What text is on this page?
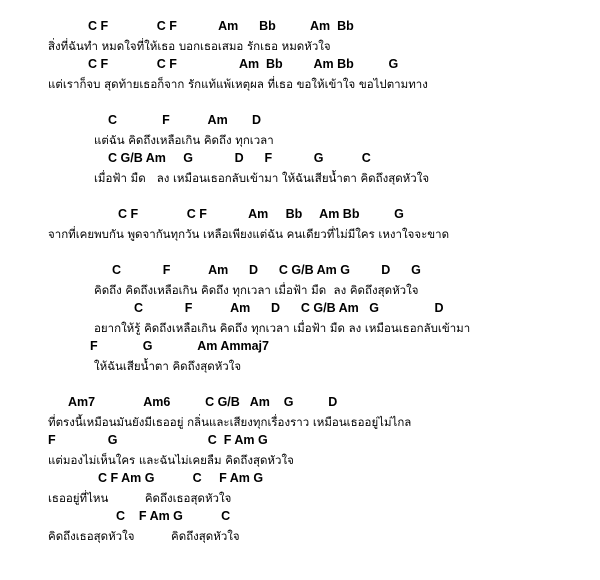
C F              C F            Am      Bb          Am  Bb
สิ่งที่ฉันทำ หมดใจที่ให้เธอ บอกเธอเสมอ รักเธอ หมดหัวใจ
C F              C F                  Am  Bb         Am Bb          G
แต่เราก็จบ สุดท้ายเธอก็จาก รักแท้แพ้เหตุผล ที่เธอ ขอให้เข้าใจ ขอไปตามทาง
C             F           Am       D
แต่ฉัน คิดถึงเหลือเกิน คิดถึง ทุกเวลา
C G/B Am     G            D      F            G           C
เมื่อฟ้า มืด   ลง เหมือนเธอกลับเข้ามา ให้ฉันเสียน้ำตา คิดถึงสุดหัวใจ
C F              C F            Am     Bb     Am Bb          G
จากที่เคยพบกัน พูดจากันทุกวัน เหลือเพียงแต่ฉัน คนเดียวที่ไม่มีใคร เหงาใจจะขาด
C            F           Am      D      C G/B Am G         D      G
คิดถึง คิดถึงเหลือเกิน คิดถึง ทุกเวลา เมื่อฟ้า มืด  ลง คิดถึงสุดหัวใจ
C            F           Am      D      C G/B Am   G                D
อยากให้รู้ คิดถึงเหลือเกิน คิดถึง ทุกเวลา เมื่อฟ้า มืด ลง เหมือนเธอกลับเข้ามา
F             G             Am Ammaj7
ให้ฉันเสียน้ำตา คิดถึงสุดหัวใจ
Am7              Am6          C G/B   Am    G          D
ที่ตรงนี้เหมือนมันยังมีเธออยู่ กลิ่นและเสียงทุกเรื่องราว เหมือนเธออยู่ไม่ไกล
F               G                          C  F Am G
แต่มองไม่เห็นใคร และฉันไม่เคยลืม คิดถึงสุดหัวใจ
C F Am G           C     F Am G
เธออยู่ที่ไหน          คิดถึงเธอสุดหัวใจ
C    F Am G           C
คิดถึงเธอสุดหัวใจ          คิดถึงสุดหัวใจ
